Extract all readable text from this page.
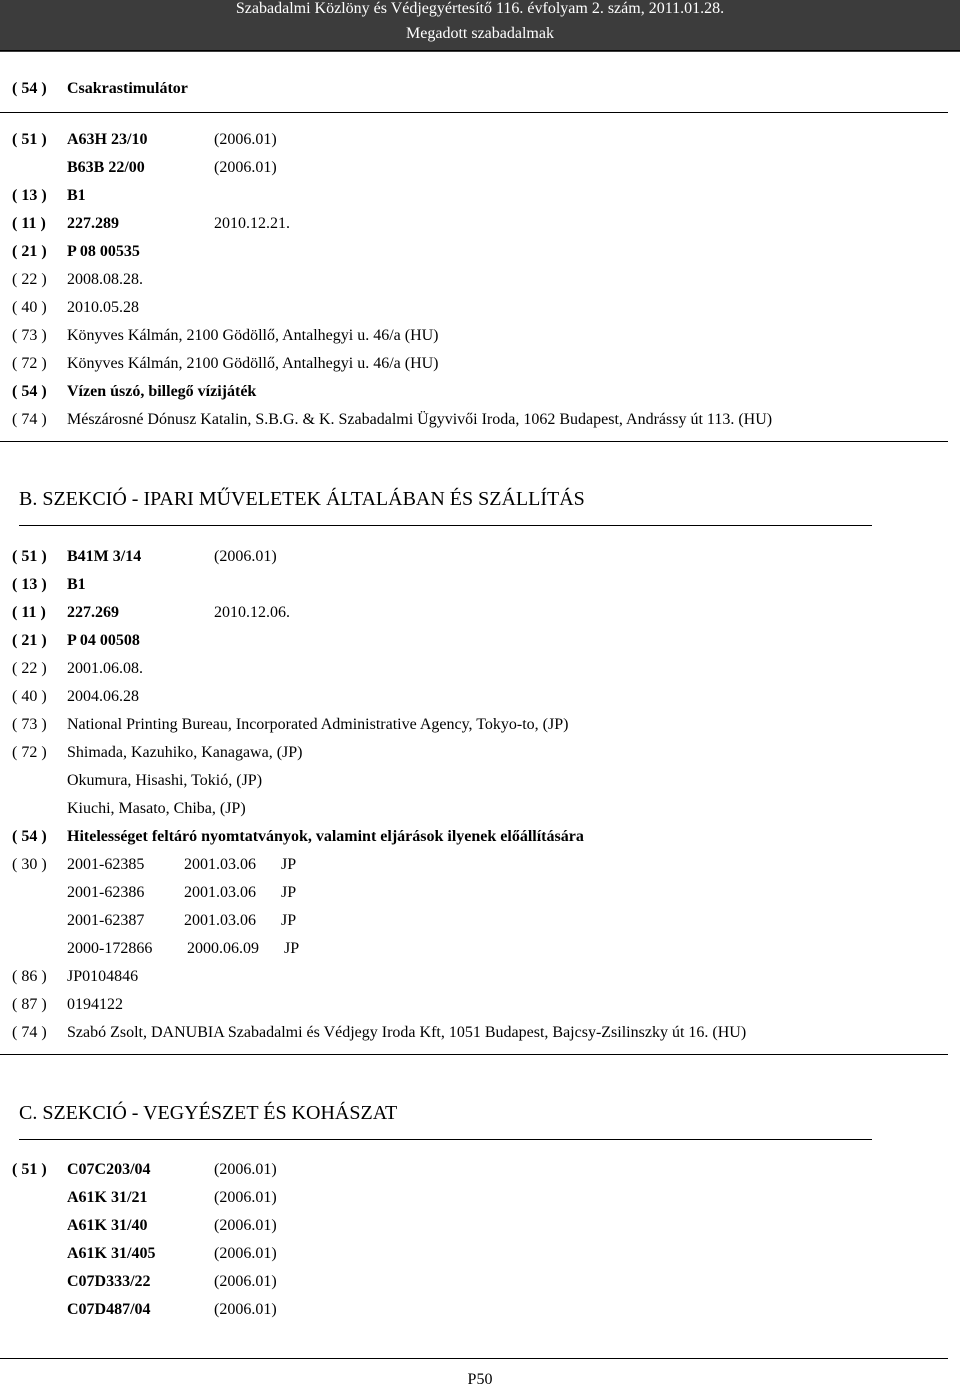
Szabadalmi Közlöny és Védjegyértesítő 116. évfolyam 2. szám, 2011.01.28.
Megadott szabadalmak
( 54 ) Csakrastimulátor
( 51 ) A63H 23/10	(2006.01)
B63B 22/00	(2006.01)
( 13 ) B1
( 11 ) 227.289	2010.12.21.
( 21 ) P 08 00535
( 22 ) 2008.08.28.
( 40 ) 2010.05.28
( 73 ) Könyves Kálmán, 2100 Gödöllő, Antalhegyi u. 46/a (HU)
( 72 ) Könyves Kálmán, 2100 Gödöllő, Antalhegyi u. 46/a (HU)
( 54 ) Vízen úszó, billegő vízijáték
( 74 ) Mészárosné Dónusz Katalin, S.B.G. & K. Szabadalmi Ügyvivői Iroda, 1062 Budapest, Andrássy út 113. (HU)
B. SZEKCIÓ - IPARI MŰVELETEK ÁLTALÁBAN ÉS SZÁLLÍTÁS
( 51 ) B41M 3/14	(2006.01)
( 13 ) B1
( 11 ) 227.269	2010.12.06.
( 21 ) P 04 00508
( 22 ) 2001.06.08.
( 40 ) 2004.06.28
( 73 ) National Printing Bureau, Incorporated Administrative Agency, Tokyo-to, (JP)
( 72 ) Shimada, Kazuhiko, Kanagawa, (JP)
Okumura, Hisashi, Tokió, (JP)
Kiuchi, Masato, Chiba, (JP)
( 54 ) Hitelességet feltáró nyomtatványok, valamint eljárások ilyenek előállítására
( 30 ) 2001-62385 2001.03.06 JP
2001-62386 2001.03.06 JP
2001-62387 2001.03.06 JP
2000-172866 2000.06.09 JP
( 86 ) JP0104846
( 87 ) 0194122
( 74 ) Szabó Zsolt, DANUBIA Szabadalmi és Védjegy Iroda Kft, 1051 Budapest, Bajcsy-Zsilinszky út 16. (HU)
C. SZEKCIÓ - VEGYÉSZET ÉS KOHÁSZAT
( 51 ) C07C203/04	(2006.01)
A61K 31/21	(2006.01)
A61K 31/40	(2006.01)
A61K 31/405	(2006.01)
C07D333/22	(2006.01)
C07D487/04	(2006.01)
P50
